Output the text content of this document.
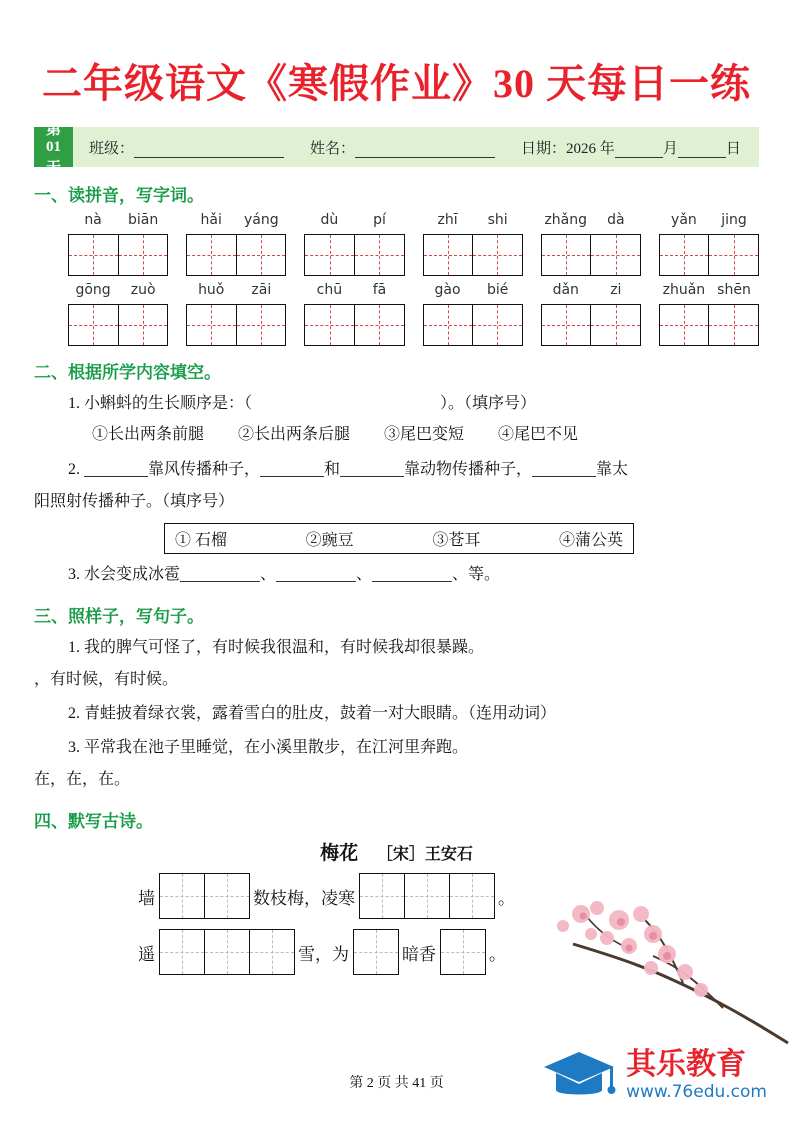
二年级语文《寒假作业》30 天每日一练
第 01 天
班级：	姓名：	日期：2026 年	月	日
一、读拼音，写字词。
nà	biān	hǎi	yáng	dù	pí	zhī	shi	zhǎng	dà	yǎn	jing
gōng	zuò	huǒ	zāi	chū	fā	gào	bié	dǎn	zi	zhuǎn shēn
二、根据所学内容填空。
1. 小蝌蚪的生长顺序是：（	）。（填序号）
①长出两条前腿 ②长出两条后腿 ③尾巴变短 ④尾巴不见
2.	靠风传播种子，	和	靠动物传播种子，	靠太
阳照射传播种子。（填序号）
① 石榴	②豌豆	③苍耳	④蒲公英
3. 水会变成冰雹	、	、	、等。
三、照样子，写句子。
1. 我的脾气可怪了，有时候我很温和，有时候我却很暴躁。
，有时候，有时候。
2. 青蛙披着绿衣裳，露着雪白的肚皮，鼓着一对大眼睛。（连用动词）
3. 平常我在池子里睡觉，在小溪里散步，在江河里奔跑。
在，在，在。
四、默写古诗。
梅花 ［宋］王安石
墙	数枝梅，凌寒	。
遥	雪，为	暗香	。
第 2 页 共 41 页
其乐教育
www.76edu.com
